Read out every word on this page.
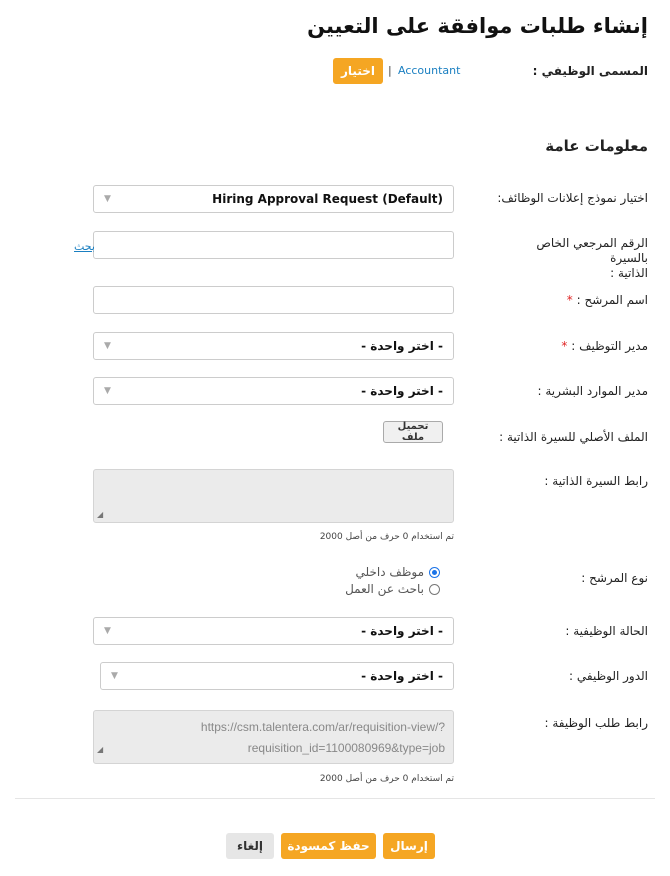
إنشاء طلبات موافقة على التعيين
المسمى الوظيفي :
Accountant
|
اختيار
معلومات عامة
اختيار نموذج إعلانات الوظائف:
▼	Hiring Approval Request (Default)
الرقم المرجعي الخاص بالسيرة
الذاتية :
بحث
اسم المرشح : *
مدير التوظيف : *
▼	- اختر واحدة -
مدير الموارد البشرية :
▼	- اختر واحدة -
الملف الأصلي للسيرة الذاتية :
تحميل ملف
رابط السيرة الذاتية :
◢
تم استخدام 0 حرف من أصل 2000
نوع المرشح :
موظف داخلي
باحث عن العمل
الحالة الوظيفية :
▼	- اختر واحدة -
الدور الوظيفي :
▼	- اختر واحدة -
رابط طلب الوظيفة :
https://csm.talentera.com/ar/requisition-view/?
requisition_id=1100080969&type=job
◢
تم استخدام 0 حرف من أصل 2000
إرسال
حفظ كمسودة
إلغاء
